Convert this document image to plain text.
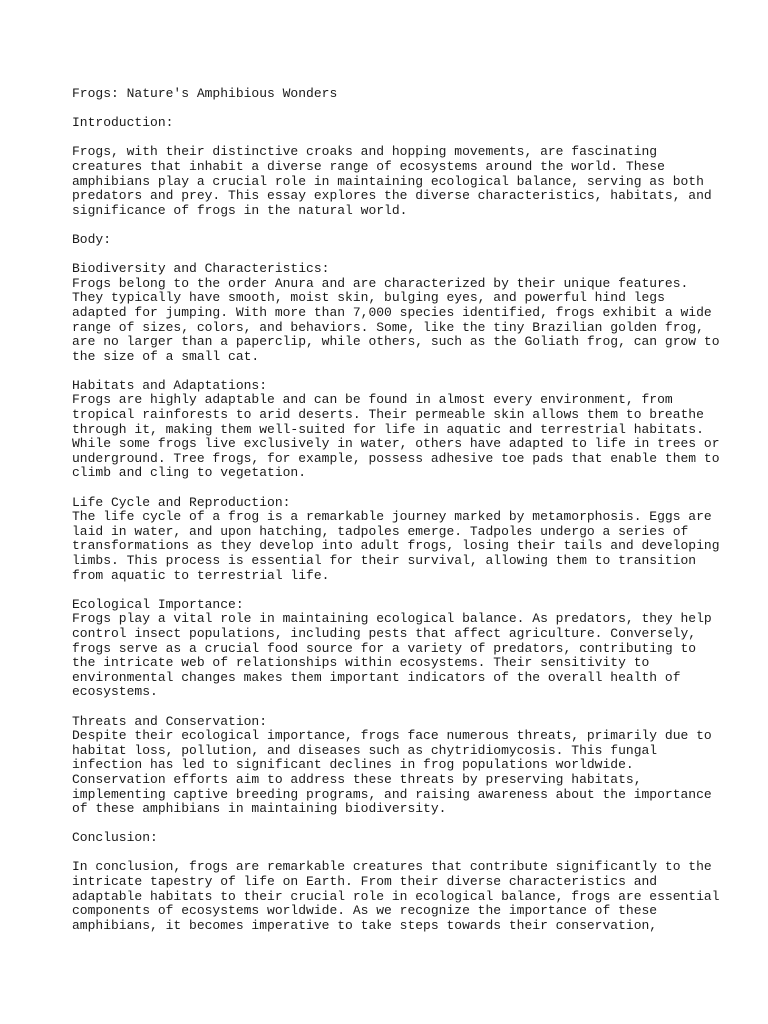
Frogs: Nature's Amphibious Wonders

Introduction:

Frogs, with their distinctive croaks and hopping movements, are fascinating
creatures that inhabit a diverse range of ecosystems around the world. These
amphibians play a crucial role in maintaining ecological balance, serving as both
predators and prey. This essay explores the diverse characteristics, habitats, and
significance of frogs in the natural world.

Body:

Biodiversity and Characteristics:
Frogs belong to the order Anura and are characterized by their unique features.
They typically have smooth, moist skin, bulging eyes, and powerful hind legs
adapted for jumping. With more than 7,000 species identified, frogs exhibit a wide
range of sizes, colors, and behaviors. Some, like the tiny Brazilian golden frog,
are no larger than a paperclip, while others, such as the Goliath frog, can grow to
the size of a small cat.

Habitats and Adaptations:
Frogs are highly adaptable and can be found in almost every environment, from
tropical rainforests to arid deserts. Their permeable skin allows them to breathe
through it, making them well-suited for life in aquatic and terrestrial habitats.
While some frogs live exclusively in water, others have adapted to life in trees or
underground. Tree frogs, for example, possess adhesive toe pads that enable them to
climb and cling to vegetation.

Life Cycle and Reproduction:
The life cycle of a frog is a remarkable journey marked by metamorphosis. Eggs are
laid in water, and upon hatching, tadpoles emerge. Tadpoles undergo a series of
transformations as they develop into adult frogs, losing their tails and developing
limbs. This process is essential for their survival, allowing them to transition
from aquatic to terrestrial life.

Ecological Importance:
Frogs play a vital role in maintaining ecological balance. As predators, they help
control insect populations, including pests that affect agriculture. Conversely,
frogs serve as a crucial food source for a variety of predators, contributing to
the intricate web of relationships within ecosystems. Their sensitivity to
environmental changes makes them important indicators of the overall health of
ecosystems.

Threats and Conservation:
Despite their ecological importance, frogs face numerous threats, primarily due to
habitat loss, pollution, and diseases such as chytridiomycosis. This fungal
infection has led to significant declines in frog populations worldwide.
Conservation efforts aim to address these threats by preserving habitats,
implementing captive breeding programs, and raising awareness about the importance
of these amphibians in maintaining biodiversity.

Conclusion:

In conclusion, frogs are remarkable creatures that contribute significantly to the
intricate tapestry of life on Earth. From their diverse characteristics and
adaptable habitats to their crucial role in ecological balance, frogs are essential
components of ecosystems worldwide. As we recognize the importance of these
amphibians, it becomes imperative to take steps towards their conservation,
